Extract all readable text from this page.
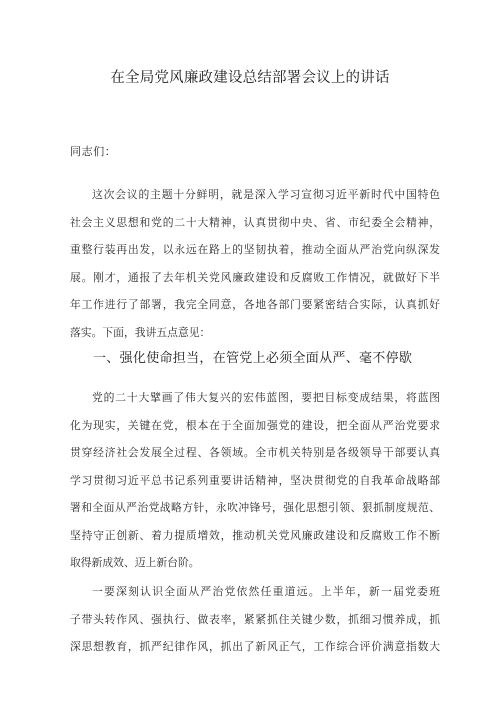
在全局党风廉政建设总结部署会议上的讲话
同志们：
这次会议的主题十分鲜明，就是深入学习宣彻习近平新时代中国特色
社会主义思想和党的二十大精神，认真贯彻中央、省、市纪委全会精神，
重整行装再出发，以永远在路上的坚韧执着，推动全面从严治党向纵深发
展。刚才，通报了去年机关党风廉政建设和反腐败工作情况，就做好下半
年工作进行了部署，我完全同意，各地各部门要紧密结合实际，认真抓好
落实。下面，我讲五点意见：
一、强化使命担当，在管党上必须全面从严、毫不停歇
党的二十大擘画了伟大复兴的宏伟蓝图，要把目标变成结果，将蓝图
化为现实，关键在党，根本在于全面加强党的建设，把全面从严治党要求
贯穿经济社会发展全过程、各领域。全市机关特别是各级领导干部要认真
学习贯彻习近平总书记系列重要讲话精神，坚决贯彻党的自我革命战略部
署和全面从严治党战略方针，永吹冲锋号，强化思想引领、狠抓制度规范、
坚持守正创新、着力提质增效，推动机关党风廉政建设和反腐败工作不断
取得新成效、迈上新台阶。
一要深刻认识全面从严治党依然任重道远。上半年，新一届党委班
子带头转作风、强执行、做表率，紧紧抓住关键少数，抓细习惯养成，抓
深思想教育，抓严纪律作风，抓出了新风正气，工作综合评价满意指数大
